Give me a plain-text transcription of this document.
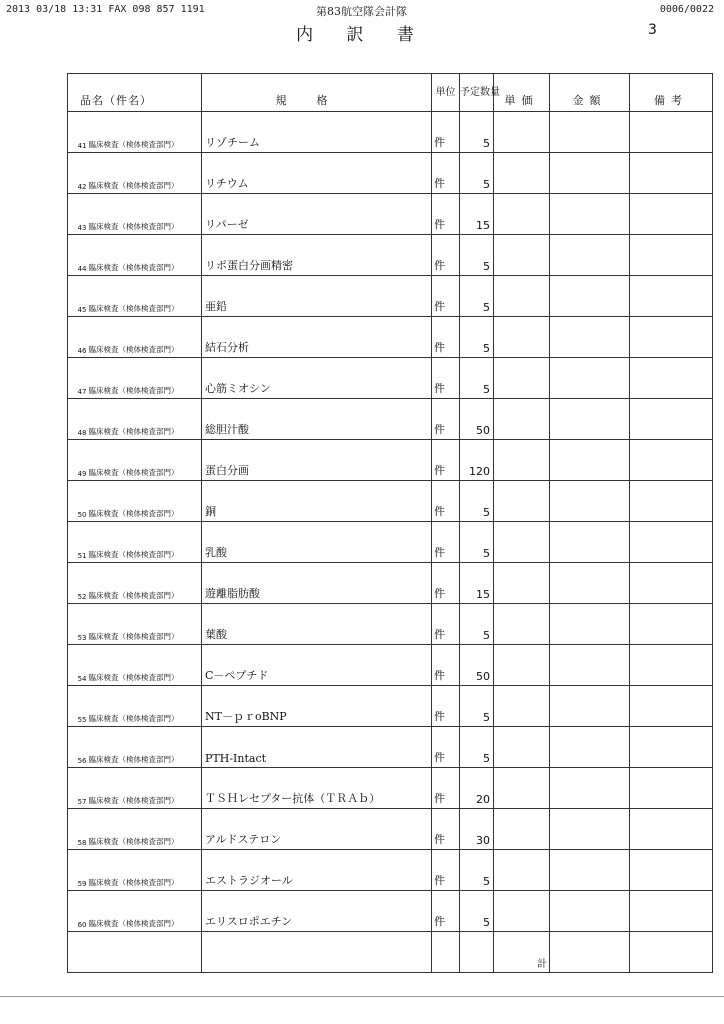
2013 03/18 13:31 FAX 098 857 1191	第83航空隊会計隊	0006/0022
内 訳 書	3
品名（件名）		規格	単位	予定数量	単価	金額	備考
41	臨床検査（検体検査部門）	リゾチーム	件	5			
42	臨床検査（検体検査部門）	リチウム	件	5			
43	臨床検査（検体検査部門）	リパーゼ	件	15			
44	臨床検査（検体検査部門）	リポ蛋白分画精密	件	5			
45	臨床検査（検体検査部門）	亜鉛	件	5			
46	臨床検査（検体検査部門）	結石分析	件	5			
47	臨床検査（検体検査部門）	心筋ミオシン	件	5			
48	臨床検査（検体検査部門）	総胆汁酸	件	50			
49	臨床検査（検体検査部門）	蛋白分画	件	120			
50	臨床検査（検体検査部門）	銅	件	5			
51	臨床検査（検体検査部門）	乳酸	件	5			
52	臨床検査（検体検査部門）	遊離脂肪酸	件	15			
53	臨床検査（検体検査部門）	葉酸	件	5			
54	臨床検査（検体検査部門）	C－ペプチド	件	50			
55	臨床検査（検体検査部門）	NT－ｐｒoBNP	件	5			
56	臨床検査（検体検査部門）	PTH-Intact	件	5			
57	臨床検査（検体検査部門）	ＴＳＨレセプター抗体（ＴＲＡｂ）	件	20			
58	臨床検査（検体検査部門）	アルドステロン	件	30			
59	臨床検査（検体検査部門）	エストラジオール	件	5			
60	臨床検査（検体検査部門）	エリスロポエチン	件	5			
					計		
